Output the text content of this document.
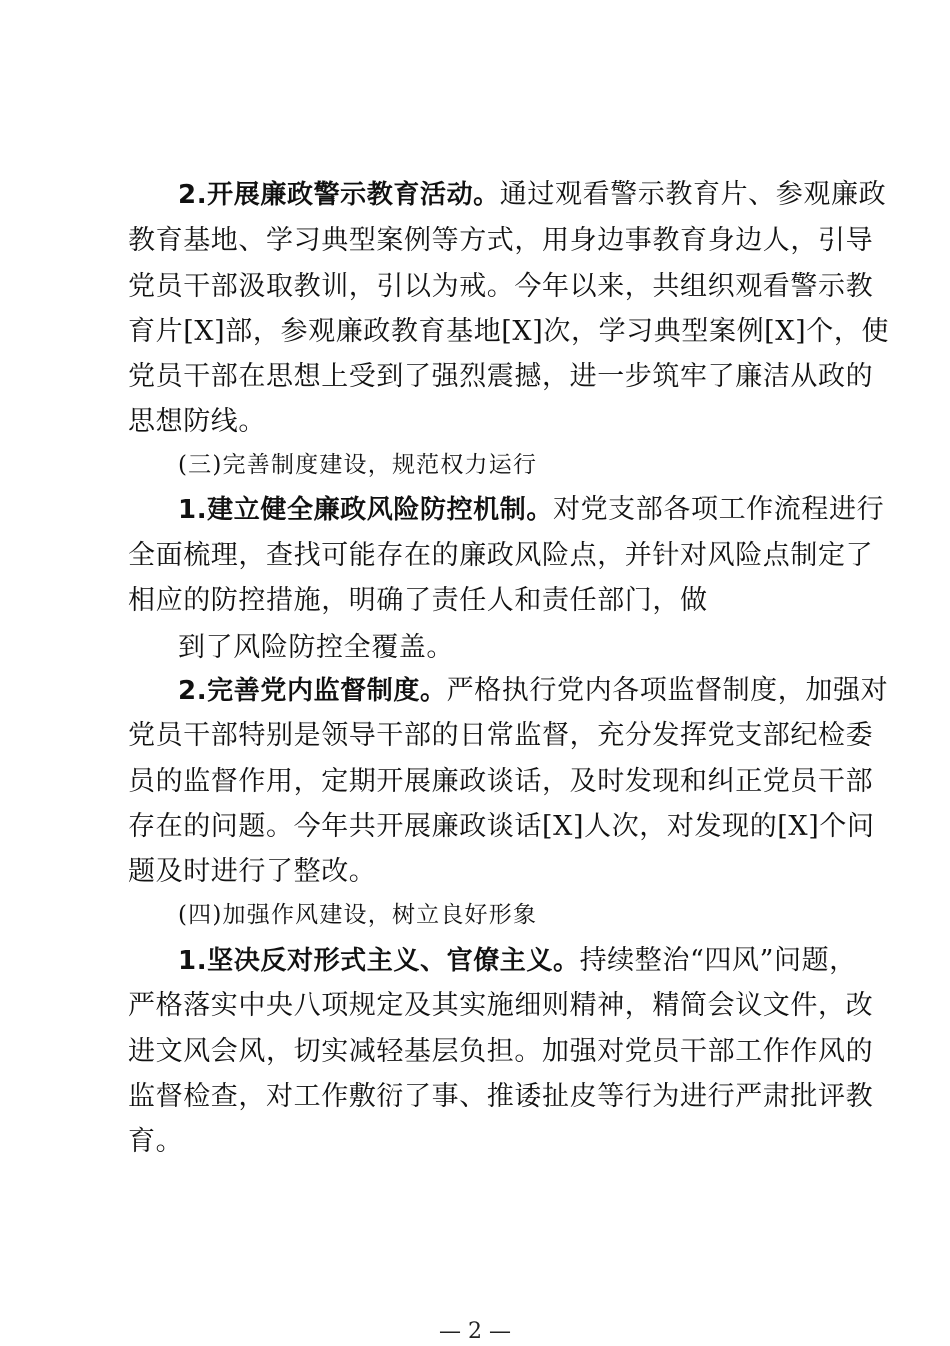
2.开展廉政警示教育活动。通过观看警示教育片、参观廉政
教育基地、学习典型案例等方式，用身边事教育身边人，引导
党员干部汲取教训，引以为戒。今年以来，共组织观看警示教
育片[X]部，参观廉政教育基地[X]次，学习典型案例[X]个，使
党员干部在思想上受到了强烈震撼，进一步筑牢了廉洁从政的
思想防线。
(三)完善制度建设，规范权力运行
1.建立健全廉政风险防控机制。对党支部各项工作流程进行
全面梳理，查找可能存在的廉政风险点，并针对风险点制定了
相应的防控措施，明确了责任人和责任部门，做
到了风险防控全覆盖。
2.完善党内监督制度。严格执行党内各项监督制度，加强对
党员干部特别是领导干部的日常监督，充分发挥党支部纪检委
员的监督作用，定期开展廉政谈话，及时发现和纠正党员干部
存在的问题。今年共开展廉政谈话[X]人次，对发现的[X]个问
题及时进行了整改。
(四)加强作风建设，树立良好形象
1.坚决反对形式主义、官僚主义。持续整治“四风”问题，
严格落实中央八项规定及其实施细则精神，精简会议文件，改
进文风会风，切实减轻基层负担。加强对党员干部工作作风的
监督检查，对工作敷衍了事、推诿扯皮等行为进行严肃批评教
育。
— 2 —
